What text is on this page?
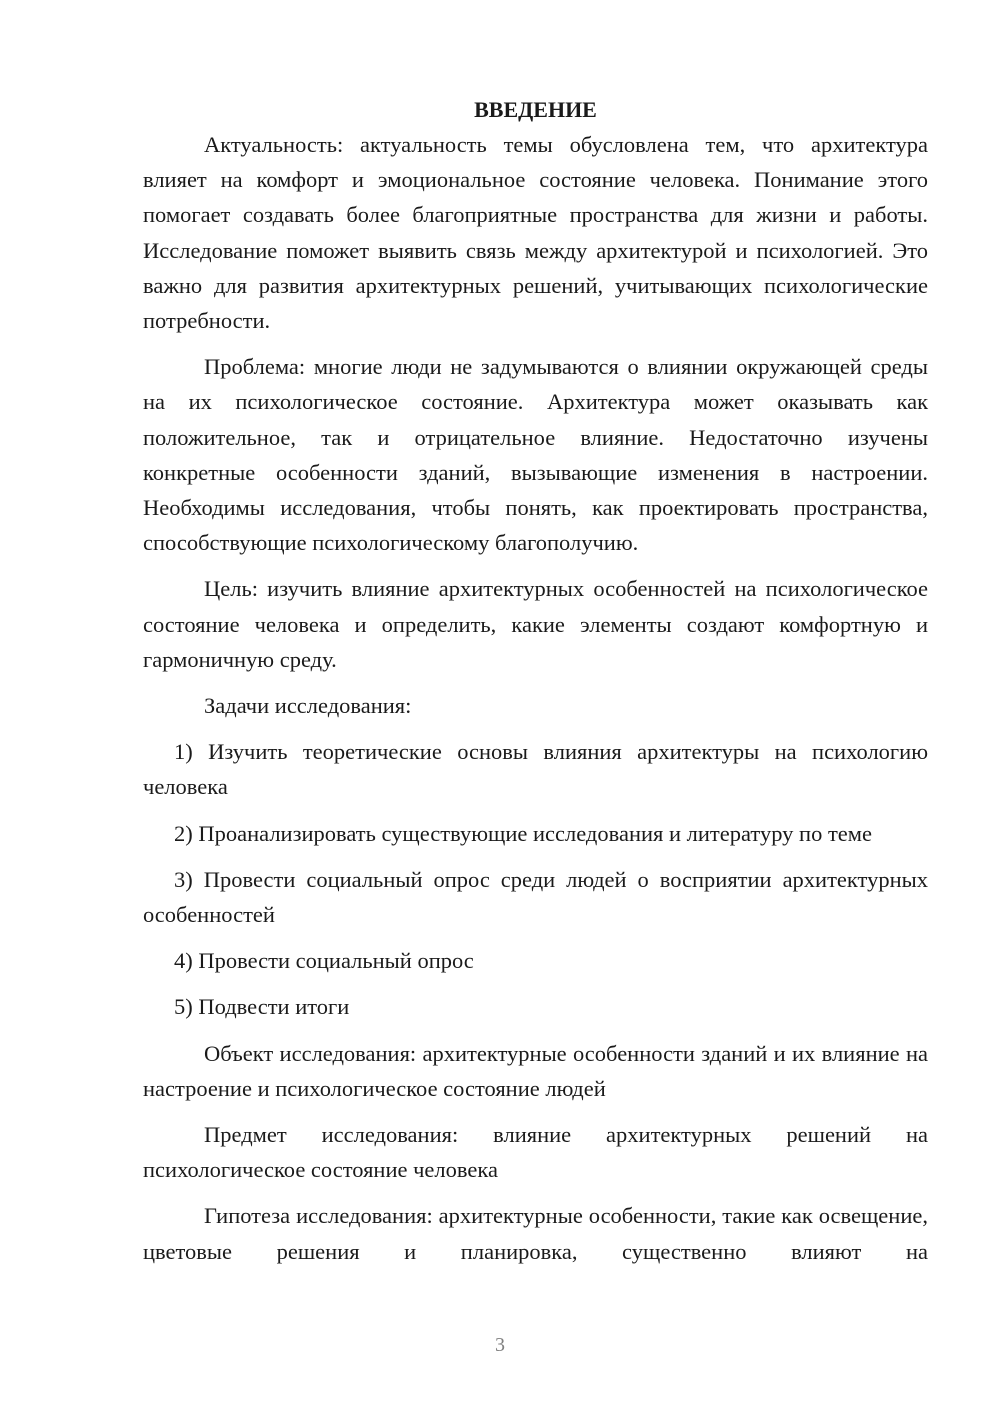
ВВЕДЕНИЕ

Актуальность: актуальность темы обусловлена тем, что архитектура влияет на комфорт и эмоциональное состояние человека. Понимание этого помогает создавать более благоприятные пространства для жизни и работы. Исследование поможет выявить связь между архитектурой и психологией. Это важно для развития архитектурных решений, учитывающих психологические потребности.

Проблема: многие люди не задумываются о влиянии окружающей среды на их психологическое состояние. Архитектура может оказывать как положительное, так и отрицательное влияние. Недостаточно изучены конкретные особенности зданий, вызывающие изменения в настроении. Необходимы исследования, чтобы понять, как проектировать пространства, способствующие психологическому благополучию.

Цель: изучить влияние архитектурных особенностей на психологическое состояние человека и определить, какие элементы создают комфортную и гармоничную среду.

Задачи исследования:

1) Изучить теоретические основы влияния архитектуры на психологию человека

2) Проанализировать существующие исследования и литературу по теме

3) Провести социальный опрос среди людей о восприятии архитектурных особенностей

4) Провести социальный опрос

5) Подвести итоги

Объект исследования: архитектурные особенности зданий и их влияние на настроение и психологическое состояние людей

Предмет исследования: влияние архитектурных решений на психологическое состояние человека

Гипотеза исследования: архитектурные особенности, такие как освещение, цветовые решения и планировка, существенно влияют на

3
